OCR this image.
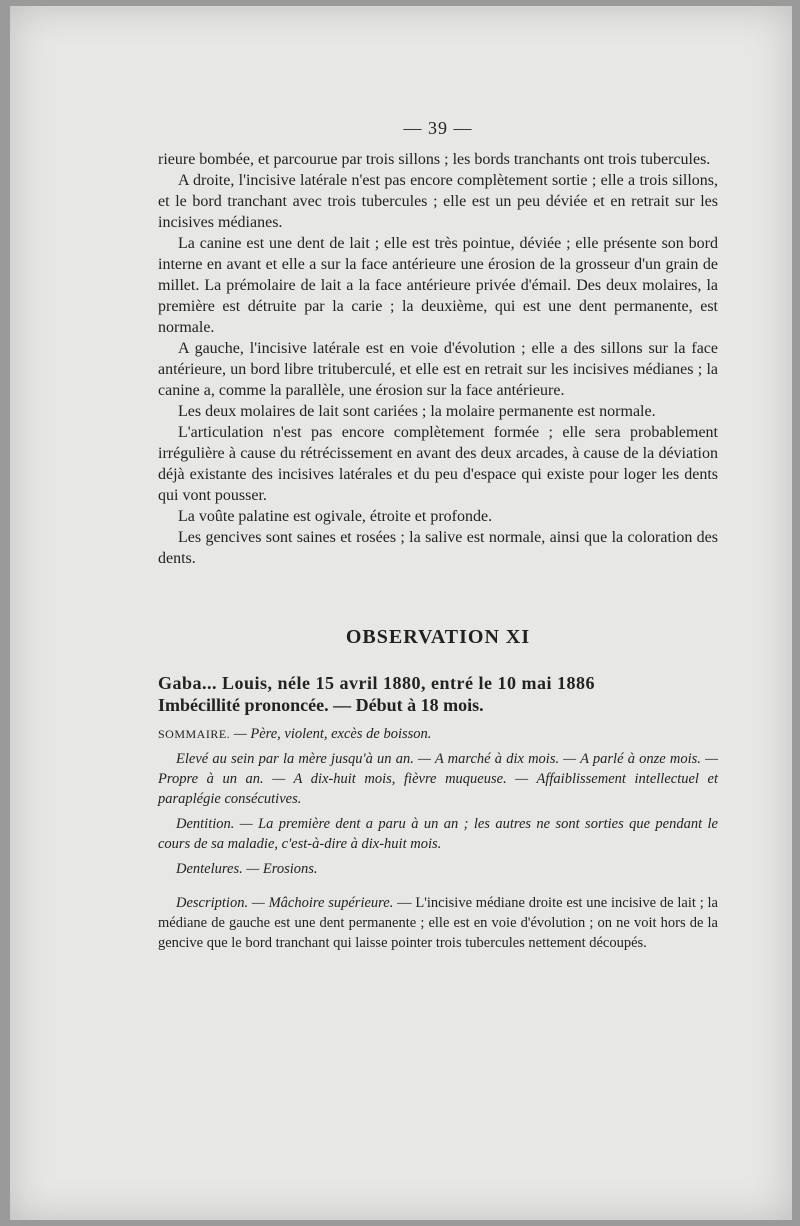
— 39 —

rieure bombée, et parcourue par trois sillons ; les bords tranchants ont trois tubercules.

A droite, l'incisive latérale n'est pas encore complètement sortie ; elle a trois sillons, et le bord tranchant avec trois tubercules ; elle est un peu déviée et en retrait sur les incisives médianes.

La canine est une dent de lait ; elle est très pointue, déviée ; elle présente son bord interne en avant et elle a sur la face antérieure une érosion de la grosseur d'un grain de millet. La prémolaire de lait a la face antérieure privée d'émail. Des deux molaires, la première est détruite par la carie ; la deuxième, qui est une dent permanente, est normale.

A gauche, l'incisive latérale est en voie d'évolution ; elle a des sillons sur la face antérieure, un bord libre trituberculé, et elle est en retrait sur les incisives médianes ; la canine a, comme la parallèle, une érosion sur la face antérieure.

Les deux molaires de lait sont cariées ; la molaire permanente est normale.

L'articulation n'est pas encore complètement formée ; elle sera probablement irrégulière à cause du rétrécissement en avant des deux arcades, à cause de la déviation déjà existante des incisives latérales et du peu d'espace qui existe pour loger les dents qui vont pousser.

La voûte palatine est ogivale, étroite et profonde.

Les gencives sont saines et rosées ; la salive est normale, ainsi que la coloration des dents.

OBSERVATION XI
Gaba... Louis, néle 15 avril 1880, entré le 10 mai 1886
Imbécillité prononcée. — Début à 18 mois.
SOMMAIRE. — Père, violent, excès de boisson.
Elevé au sein par la mère jusqu'à un an. — A marché à dix mois. — A parlé à onze mois. — Propre à un an. — A dix-huit mois, fièvre muqueuse. — Affaiblissement intellectuel et paraplégie consécutives.
Dentition. — La première dent a paru à un an ; les autres ne sont sorties que pendant le cours de sa maladie, c'est-à-dire à dix-huit mois.
Dentelures. — Erosions.
Description. — Mâchoire supérieure. — L'incisive médiane droite est une incisive de lait ; la médiane de gauche est une dent permanente ; elle est en voie d'évolution ; on ne voit hors de la gencive que le bord tranchant qui laisse pointer trois tubercules nettement découpés.
